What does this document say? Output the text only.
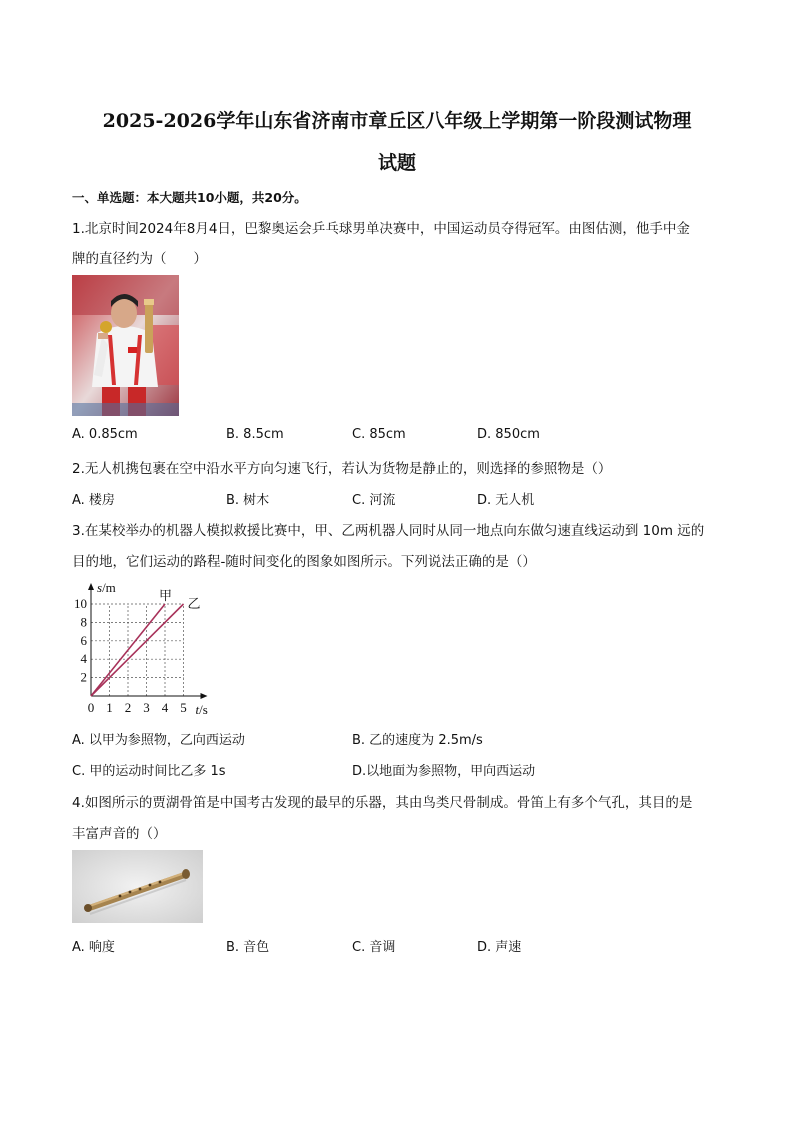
2025-2026学年山东省济南市章丘区八年级上学期第一阶段测试物理
试题
一、单选题：本大题共10小题，共20分。
1.北京时间2024年8月4日，巴黎奥运会乒乓球男单决赛中，中国运动员夺得冠军。由图估测，他手中金
牌的直径约为（　　）
A. 0.85cm	B. 8.5cm	C. 85cm	D. 850cm
2.无人机携包裹在空中沿水平方向匀速飞行，若认为货物是静止的，则选择的参照物是（）
A. 楼房	B. 树木	C. 河流	D. 无人机
3.在某校举办的机器人模拟救援比赛中，甲、乙两机器人同时从同一地点向东做匀速直线运动到 10m 远的
目的地，它们运动的路程-随时间变化的图象如图所示。下列说法正确的是（）
0 1 2 3 4 5
2
4
6
8
10
s/m
t/s
甲
乙
A. 以甲为参照物，乙向西运动	B. 乙的速度为 2.5m/s
C. 甲的运动时间比乙多 1s	D.以地面为参照物，甲向西运动
4.如图所示的贾湖骨笛是中国考古发现的最早的乐器，其由鸟类尺骨制成。骨笛上有多个气孔，其目的是
丰富声音的（）
A. 响度	B. 音色	C. 音调	D. 声速
